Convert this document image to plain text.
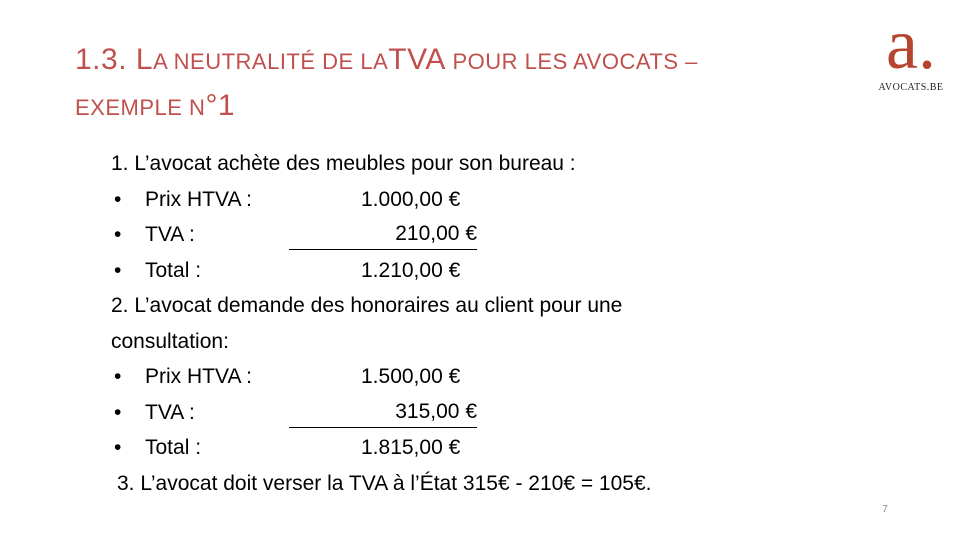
1.3. LA NEUTRALITÉ DE LATVA POUR LES AVOCATS –
EXEMPLE N°1
a.
AVOCATS.BE
1. L’avocat achète des meubles pour son bureau :
• Prix HTVA :	1.000,00 €
• TVA :	210,00 €
• Total :	1.210,00 €
2. L’avocat demande des honoraires au client pour une
consultation:
• Prix HTVA :	1.500,00 €
• TVA :	315,00 €
• Total :	1.815,00 €
3. L’avocat doit verser la TVA à l’État 315€ - 210€ = 105€.
7
